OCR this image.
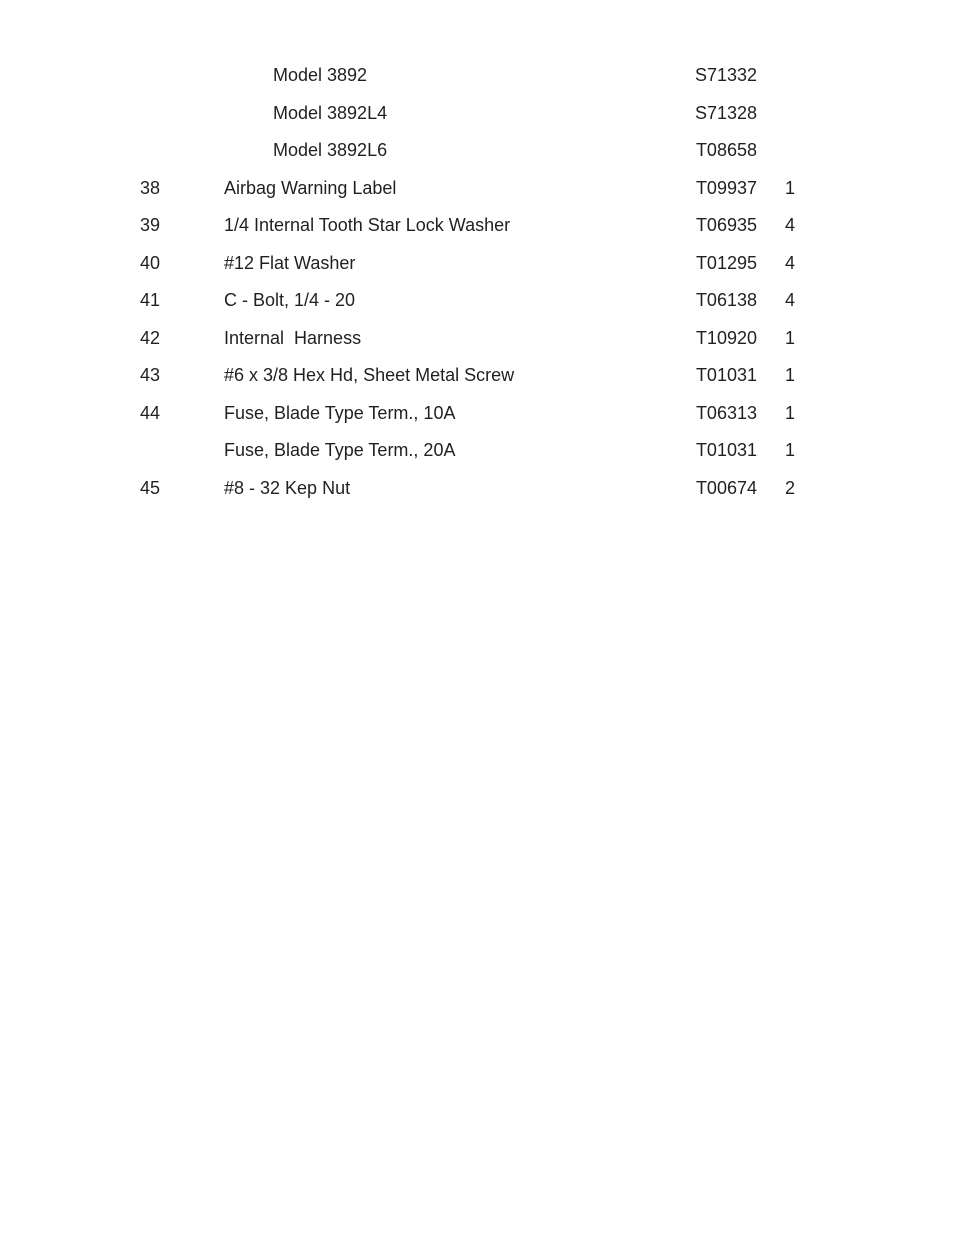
Model 3892	S71332
Model 3892L4	S71328
Model 3892L6	T08658
38	Airbag Warning Label	T09937 1
39	1/4 Internal Tooth Star Lock Washer	T06935 4
40	#12 Flat Washer	T01295 4
41	C - Bolt, 1/4 - 20	T06138 4
42	Internal  Harness	T10920 1
43	#6 x 3/8 Hex Hd, Sheet Metal Screw	T01031 1
44	Fuse, Blade Type Term., 10A	T06313 1
Fuse, Blade Type Term., 20A	T01031 1
45	#8 - 32 Kep Nut	T00674 2
